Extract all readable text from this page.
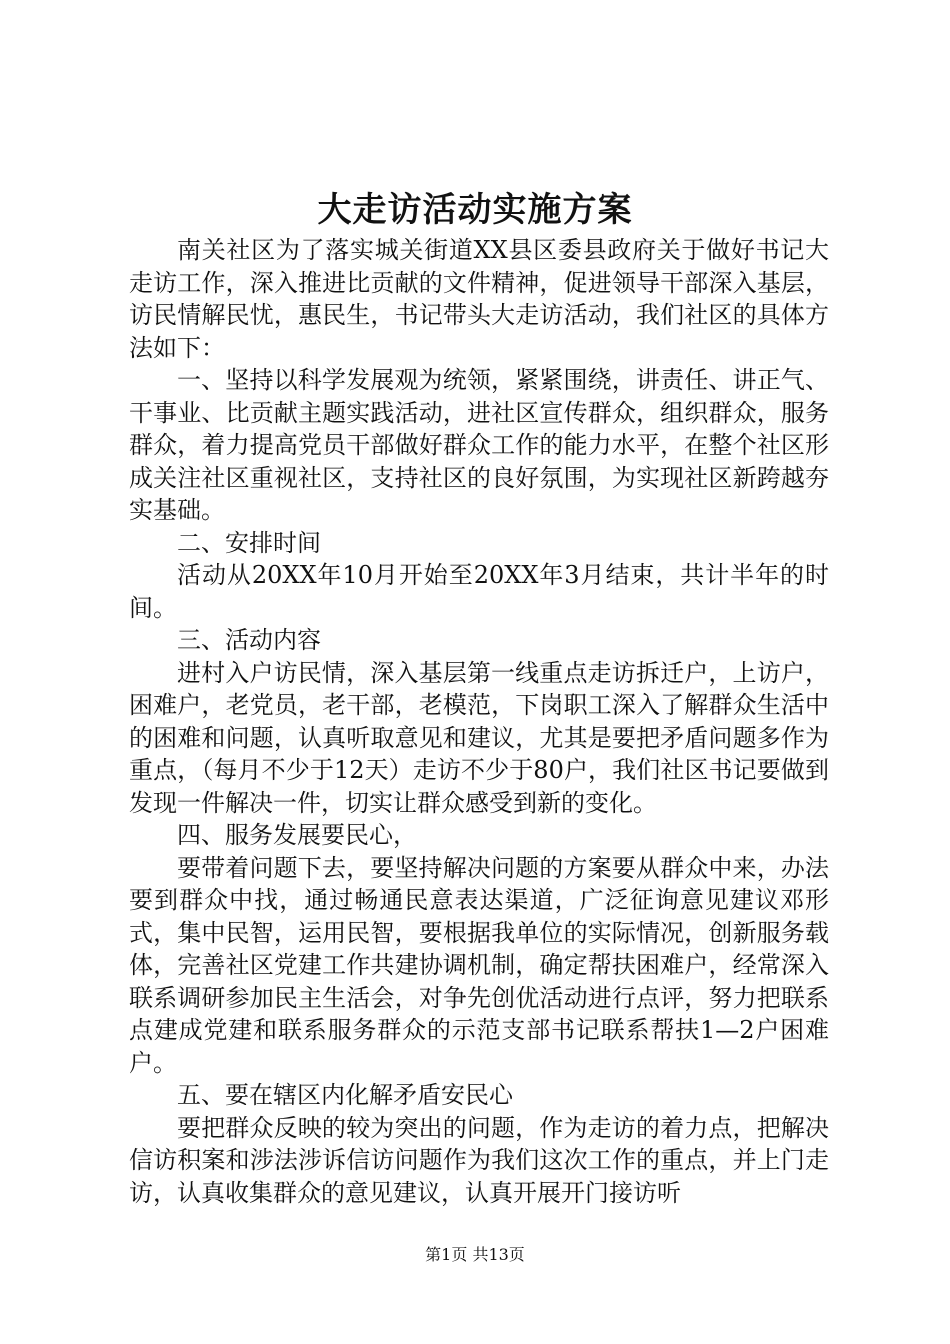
大走访活动实施方案

南关社区为了落实城关街道XX县区委县政府关于做好书记大走访工作，深入推进比贡献的文件精神，促进领导干部深入基层，访民情解民忧，惠民生，书记带头大走访活动，我们社区的具体方法如下：

一、坚持以科学发展观为统领，紧紧围绕，讲责任、讲正气、干事业、比贡献主题实践活动，进社区宣传群众，组织群众，服务群众，着力提高党员干部做好群众工作的能力水平，在整个社区形成关注社区重视社区，支持社区的良好氛围，为实现社区新跨越夯实基础。

二、安排时间

活动从20XX年10月开始至20XX年3月结束，共计半年的时间。

三、活动内容

进村入户访民情，深入基层第一线重点走访拆迁户，上访户，困难户，老党员，老干部，老模范，下岗职工深入了解群众生活中的困难和问题，认真听取意见和建议，尤其是要把矛盾问题多作为重点，（每月不少于12天）走访不少于80户，我们社区书记要做到发现一件解决一件，切实让群众感受到新的变化。

四、服务发展要民心，

要带着问题下去，要坚持解决问题的方案要从群众中来，办法要到群众中找，通过畅通民意表达渠道，广泛征询意见建议邓形式，集中民智，运用民智，要根据我单位的实际情况，创新服务载体，完善社区党建工作共建协调机制，确定帮扶困难户，经常深入联系调研参加民主生活会，对争先创优活动进行点评，努力把联系点建成党建和联系服务群众的示范支部书记联系帮扶1—2户困难户。

五、要在辖区内化解矛盾安民心

要把群众反映的较为突出的问题，作为走访的着力点，把解决信访积案和涉法涉诉信访问题作为我们这次工作的重点，并上门走访，认真收集群众的意见建议，认真开展开门接访听

第1页 共13页
